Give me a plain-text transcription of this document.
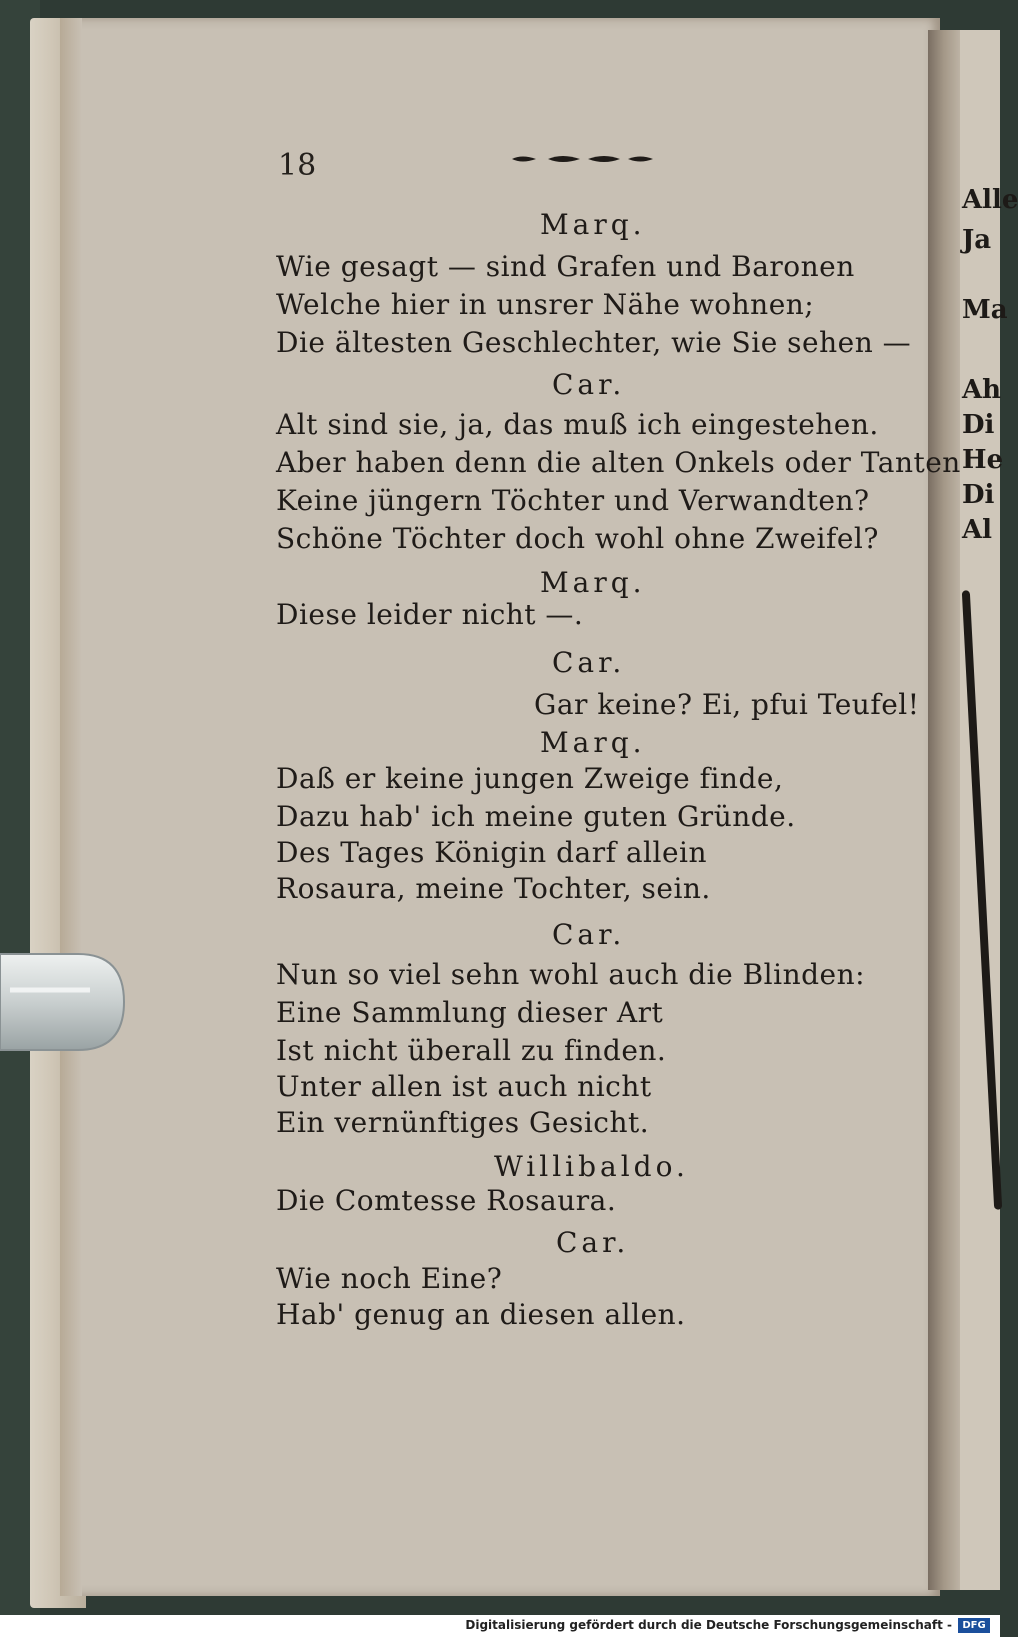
Alle
Ja
Ma
Ah
Di
He
Di
Al
18
Marq.
Wie gesagt — sind Grafen und Baronen
Welche hier in unsrer Nähe wohnen;
Die ältesten Geschlechter, wie Sie sehen —
Car.
Alt sind sie, ja, das muß ich eingestehen.
Aber haben denn die alten Onkels oder Tanten
Keine jüngern Töchter und Verwandten?
Schöne Töchter doch wohl ohne Zweifel?
Marq.
Diese leider nicht —.
Car.
Gar keine? Ei, pfui Teufel!
Marq.
Daß er keine jungen Zweige finde,
Dazu hab' ich meine guten Gründe.
Des Tages Königin darf allein
Rosaura, meine Tochter, sein.
Car.
Nun so viel sehn wohl auch die Blinden:
Eine Sammlung dieser Art
Ist nicht überall zu finden.
Unter allen ist auch nicht
Ein vernünftiges Gesicht.
Willibaldo.
Die Comtesse Rosaura.
Car.
Wie noch Eine?
Hab' genug an diesen allen.
Digitalisierung gefördert durch die Deutsche Forschungsgemeinschaft -	DFG
